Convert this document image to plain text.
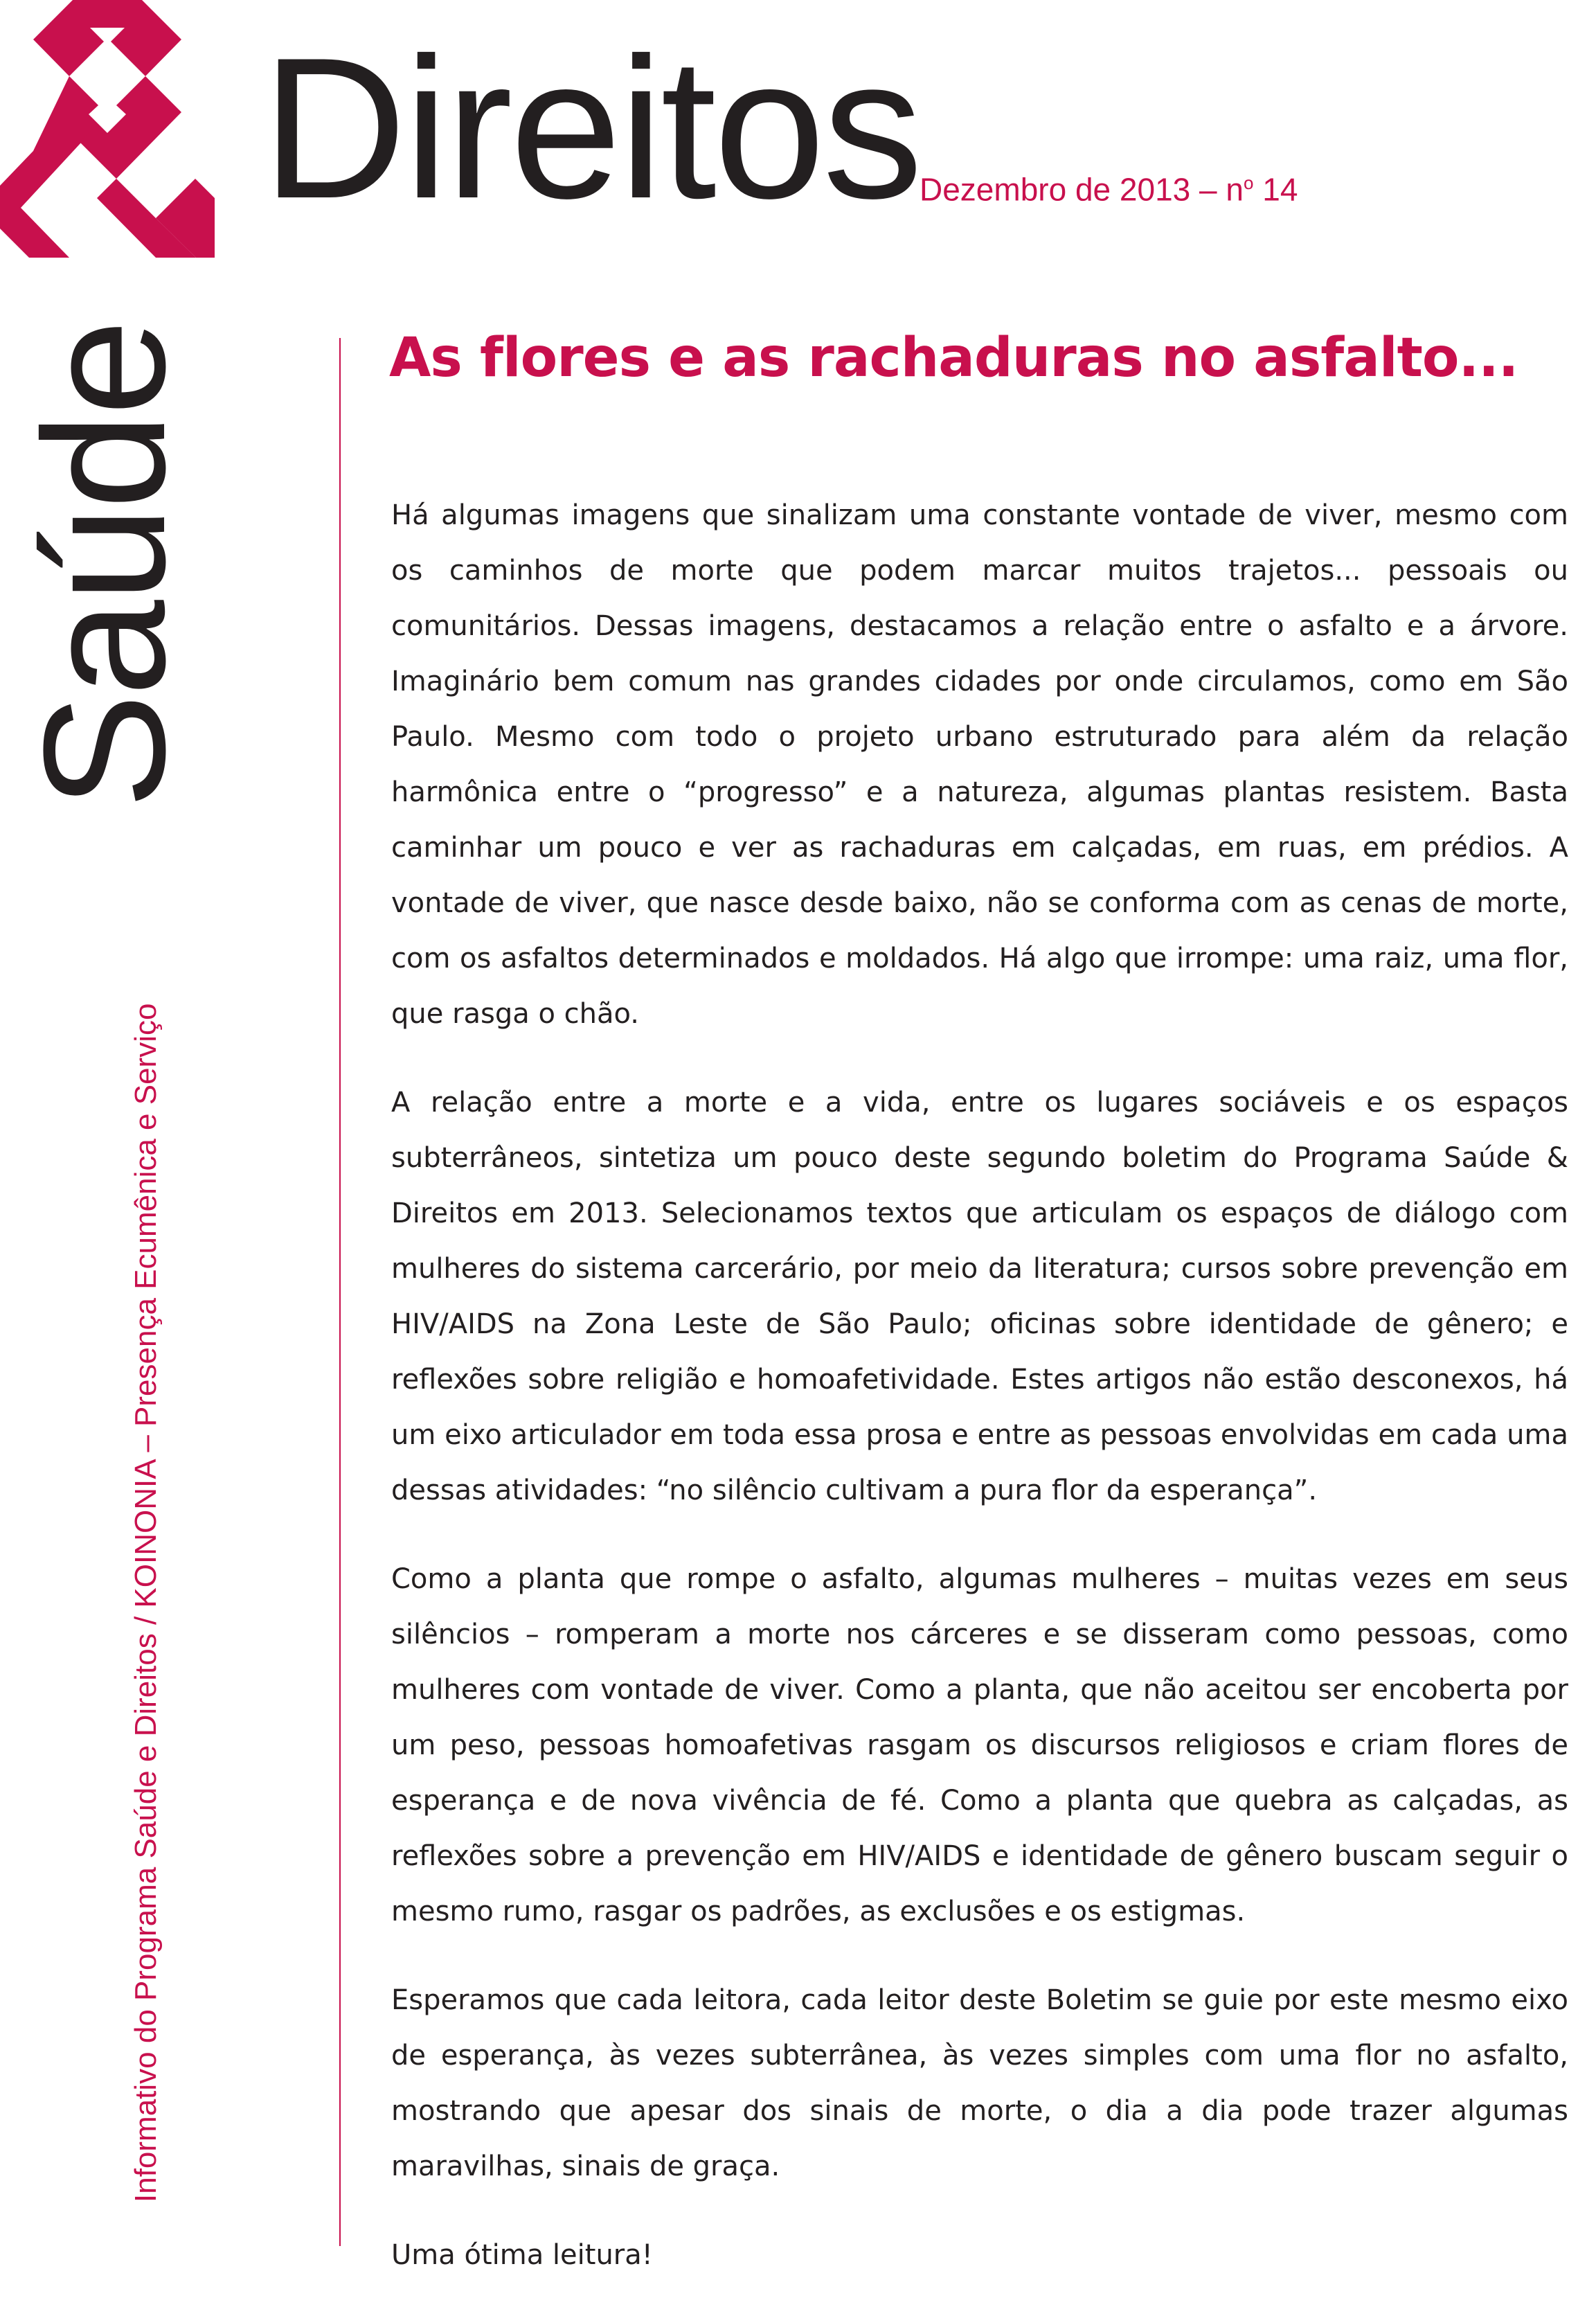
Direitos Dezembro de $2013 - n^o$ 14
Saúde
Informativo do Programa Saúde e Direitos / KOINONIA – Presença Ecumênica e Serviço
As flores e as rachaduras no asfalto...

Há algumas imagens que sinalizam uma constante vontade de viver, mesmo com os caminhos de morte que podem marcar muitos trajetos... pessoais ou comunitários. Dessas imagens, destacamos a relação entre o asfalto e a árvore. Imaginário bem comum nas grandes cidades por onde circulamos, como em São Paulo. Mesmo com todo o projeto urbano estruturado para além da relação harmônica entre o “progresso” e a natureza, algumas plantas resistem. Basta caminhar um pouco e ver as rachaduras em calçadas, em ruas, em prédios. A vontade de viver, que nasce desde baixo, não se conforma com as cenas de morte, com os asfaltos determinados e moldados. Há algo que irrompe: uma raiz, uma flor, que rasga o chão.

A relação entre a morte e a vida, entre os lugares sociáveis e os espaços subterrâneos, sintetiza um pouco deste segundo boletim do Programa Saúde & Direitos em 2013. Selecionamos textos que articulam os espaços de diálogo com mulheres do sistema carcerário, por meio da literatura; cursos sobre prevenção em HIV/AIDS na Zona Leste de São Paulo; oficinas sobre identidade de gênero; e reflexões sobre religião e homoafetividade. Estes artigos não estão desconexos, há um eixo articulador em toda essa prosa e entre as pessoas envolvidas em cada uma dessas atividades: “no silêncio cultivam a pura flor da esperança”.

Como a planta que rompe o asfalto, algumas mulheres – muitas vezes em seus silêncios – romperam a morte nos cárceres e se disseram como pessoas, como mulheres com vontade de viver. Como a planta, que não aceitou ser encoberta por um peso, pessoas homoafetivas rasgam os discursos religiosos e criam flores de esperança e de nova vivência de fé. Como a planta que quebra as calçadas, as reflexões sobre a prevenção em HIV/AIDS e identidade de gênero buscam seguir o mesmo rumo, rasgar os padrões, as exclusões e os estigmas.

Esperamos que cada leitora, cada leitor deste Boletim se guie por este mesmo eixo de esperança, às vezes subterrânea, às vezes simples com uma flor no asfalto, mostrando que apesar dos sinais de morte, o dia a dia pode trazer algumas maravilhas, sinais de graça.

Uma ótima leitura!
